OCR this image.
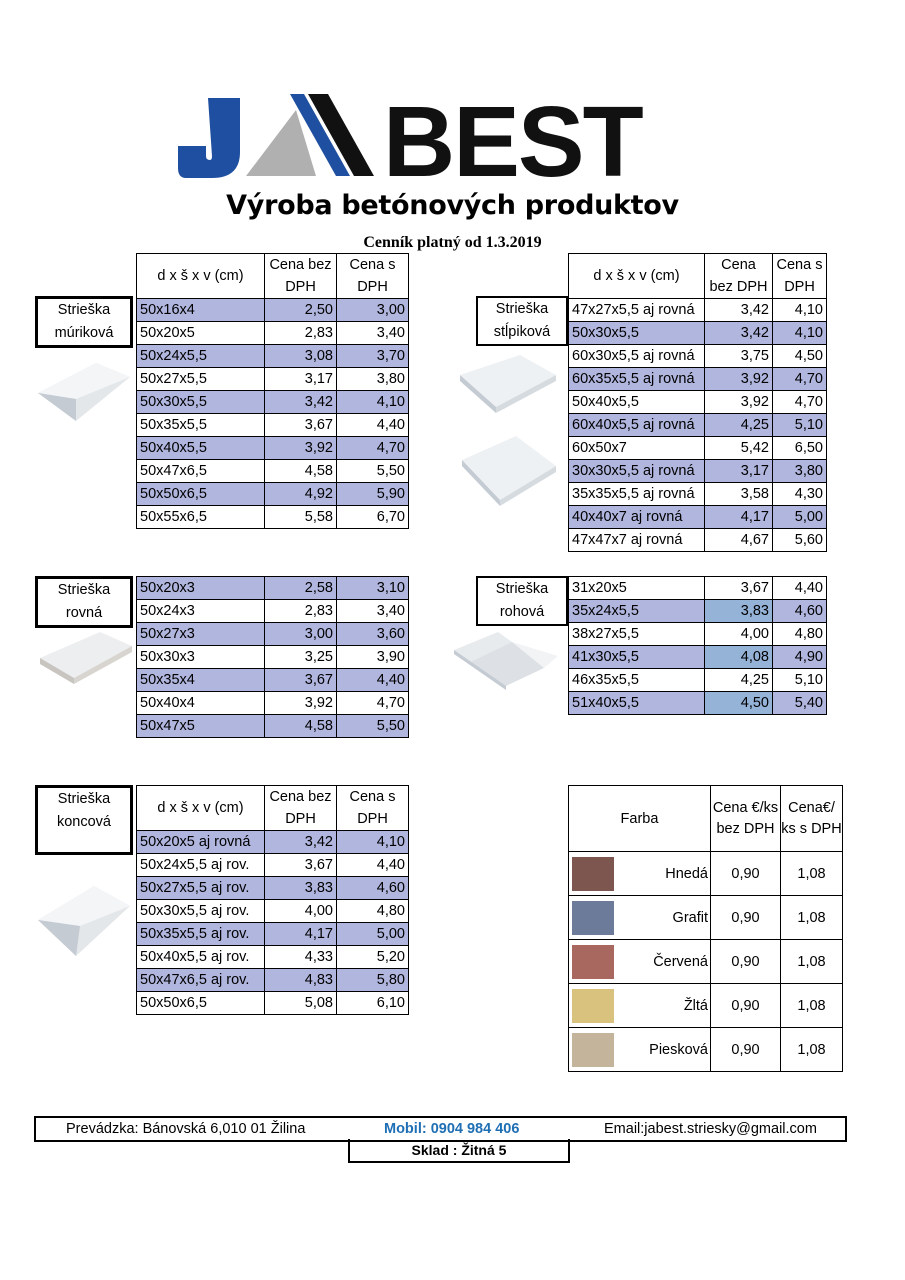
BEST
Výroba betónových produktov
Cenník platný od 1.3.2019
Strieška múriková
d x š x v (cm)	Cena bez DPH	Cena s DPH
50x16x4	2,50	3,00
50x20x5	2,83	3,40
50x24x5,5	3,08	3,70
50x27x5,5	3,17	3,80
50x30x5,5	3,42	4,10
50x35x5,5	3,67	4,40
50x40x5,5	3,92	4,70
50x47x6,5	4,58	5,50
50x50x6,5	4,92	5,90
50x55x6,5	5,58	6,70
Strieška stĺpiková
d x š x v (cm)	Cena bez DPH	Cena s DPH
47x27x5,5 aj rovná	3,42	4,10
50x30x5,5	3,42	4,10
60x30x5,5 aj rovná	3,75	4,50
60x35x5,5 aj rovná	3,92	4,70
50x40x5,5	3,92	4,70
60x40x5,5 aj rovná	4,25	5,10
60x50x7	5,42	6,50
30x30x5,5 aj rovná	3,17	3,80
35x35x5,5 aj rovná	3,58	4,30
40x40x7 aj rovná	4,17	5,00
47x47x7 aj rovná	4,67	5,60
Strieška rovná
50x20x3	2,58	3,10
50x24x3	2,83	3,40
50x27x3	3,00	3,60
50x30x3	3,25	3,90
50x35x4	3,67	4,40
50x40x4	3,92	4,70
50x47x5	4,58	5,50
Strieška rohová
31x20x5	3,67	4,40
35x24x5,5	3,83	4,60
38x27x5,5	4,00	4,80
41x30x5,5	4,08	4,90
46x35x5,5	4,25	5,10
51x40x5,5	4,50	5,40
Strieška koncová
d x š x v (cm)	Cena bez DPH	Cena s DPH
50x20x5 aj rovná	3,42	4,10
50x24x5,5 aj rov.	3,67	4,40
50x27x5,5 aj rov.	3,83	4,60
50x30x5,5 aj rov.	4,00	4,80
50x35x5,5 aj rov.	4,17	5,00
50x40x5,5 aj rov.	4,33	5,20
50x47x6,5 aj rov.	4,83	5,80
50x50x6,5	5,08	6,10
Farba	Cena €/ks bez DPH	Cena€/ ks s DPH

Hnedá	0,90	1,08

Grafit	0,90	1,08

Červená	0,90	1,08

Žltá	0,90	1,08

Piesková	0,90	1,08
Prevádzka: Bánovská 6,010 01 Žilina	Mobil: 0904 984 406	Email:jabest.striesky@gmail.com
Sklad : Žitná 5
